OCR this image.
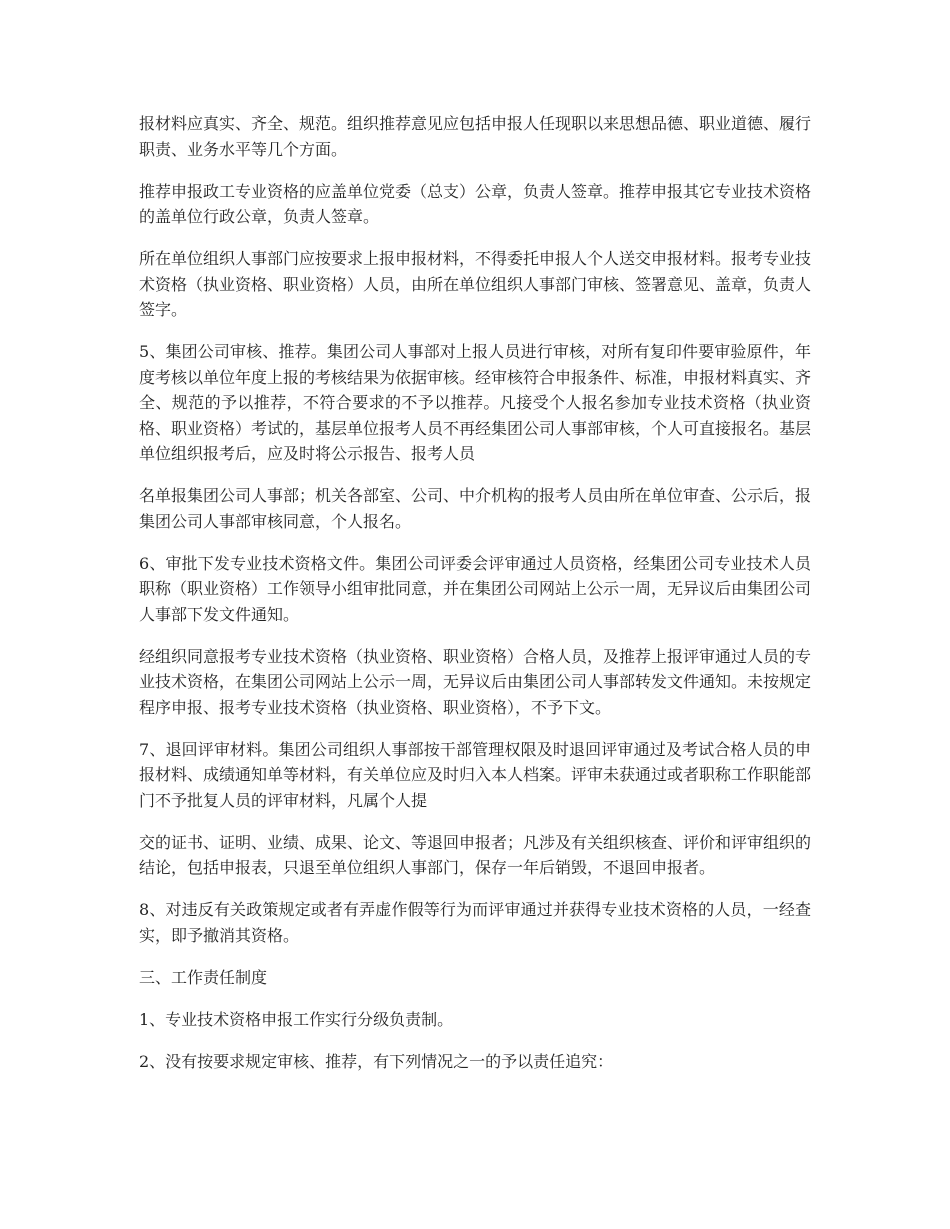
报材料应真实、齐全、规范。组织推荐意见应包括申报人任现职以来思想品德、职业道德、履行职责、业务水平等几个方面。

推荐申报政工专业资格的应盖单位党委（总支）公章，负责人签章。推荐申报其它专业技术资格的盖单位行政公章，负责人签章。

所在单位组织人事部门应按要求上报申报材料，不得委托申报人个人送交申报材料。报考专业技术资格（执业资格、职业资格）人员，由所在单位组织人事部门审核、签署意见、盖章，负责人签字。

5、集团公司审核、推荐。集团公司人事部对上报人员进行审核，对所有复印件要审验原件，年度考核以单位年度上报的考核结果为依据审核。经审核符合申报条件、标准，申报材料真实、齐全、规范的予以推荐，不符合要求的不予以推荐。凡接受个人报名参加专业技术资格（执业资格、职业资格）考试的，基层单位报考人员不再经集团公司人事部审核，个人可直接报名。基层单位组织报考后，应及时将公示报告、报考人员

名单报集团公司人事部；机关各部室、公司、中介机构的报考人员由所在单位审查、公示后，报集团公司人事部审核同意，个人报名。

6、审批下发专业技术资格文件。集团公司评委会评审通过人员资格，经集团公司专业技术人员职称（职业资格）工作领导小组审批同意，并在集团公司网站上公示一周，无异议后由集团公司人事部下发文件通知。

经组织同意报考专业技术资格（执业资格、职业资格）合格人员，及推荐上报评审通过人员的专业技术资格，在集团公司网站上公示一周，无异议后由集团公司人事部转发文件通知。未按规定程序申报、报考专业技术资格（执业资格、职业资格），不予下文。

7、退回评审材料。集团公司组织人事部按干部管理权限及时退回评审通过及考试合格人员的申报材料、成绩通知单等材料，有关单位应及时归入本人档案。评审未获通过或者职称工作职能部门不予批复人员的评审材料，凡属个人提

交的证书、证明、业绩、成果、论文、等退回申报者；凡涉及有关组织核查、评价和评审组织的结论，包括申报表，只退至单位组织人事部门，保存一年后销毁，不退回申报者。

8、对违反有关政策规定或者有弄虚作假等行为而评审通过并获得专业技术资格的人员，一经查实，即予撤消其资格。

三、工作责任制度

1、专业技术资格申报工作实行分级负责制。

2、没有按要求规定审核、推荐，有下列情况之一的予以责任追究：
